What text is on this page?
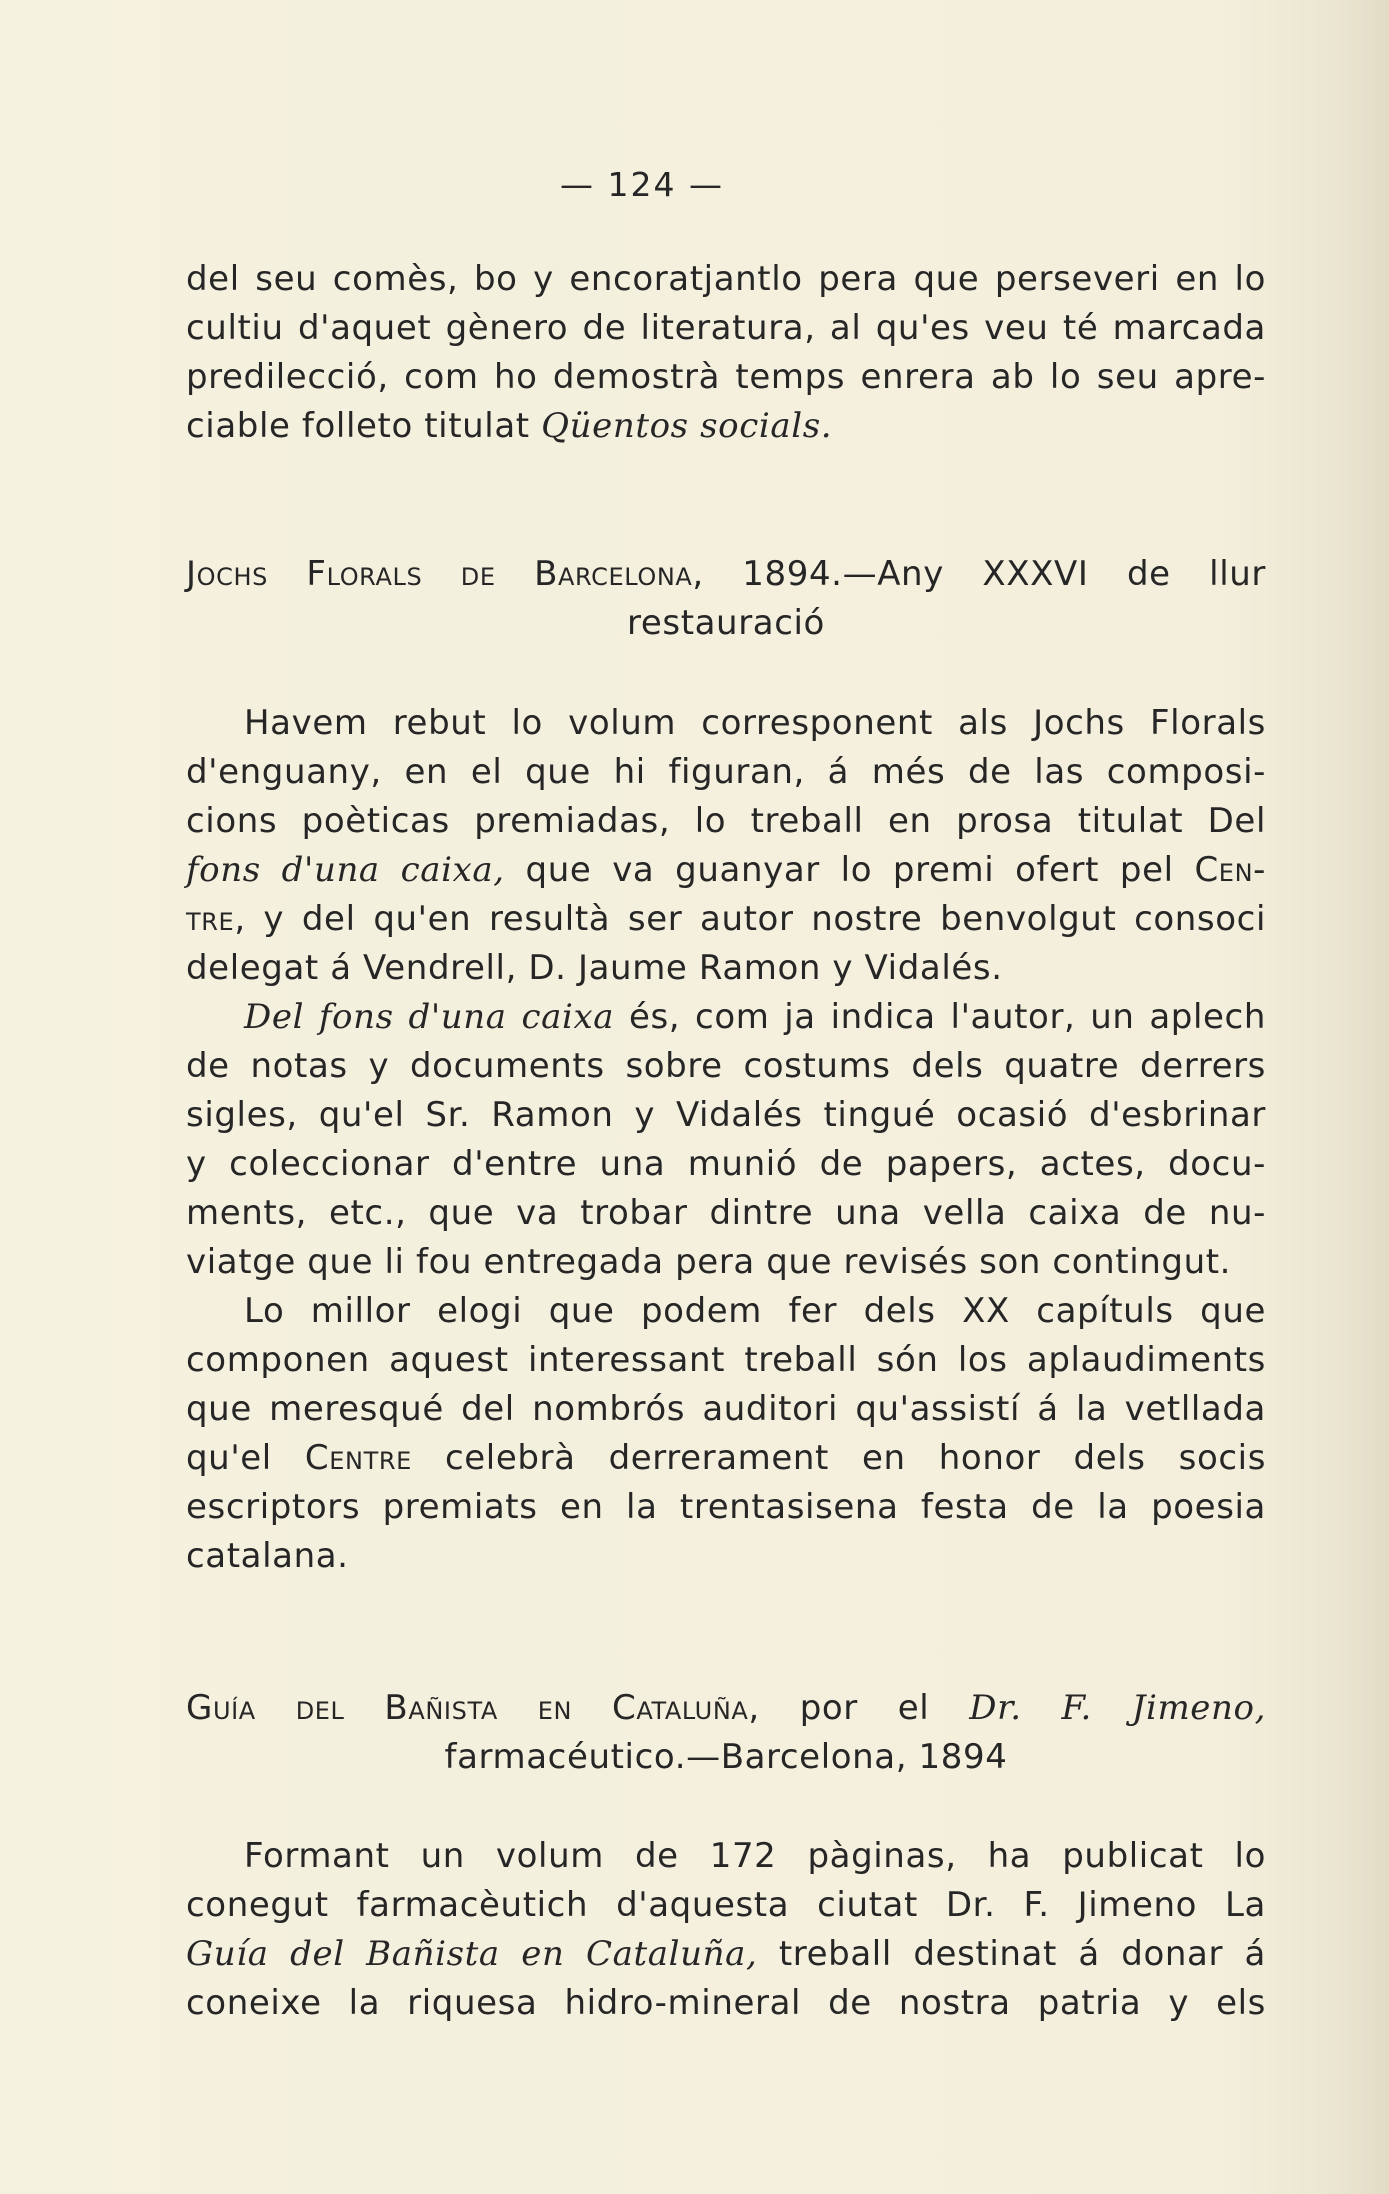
— 124 —
del seu comès, bo y encoratjantlo pera que perseveri en lo
cultiu d'aquet gènero de literatura, al qu'es veu té marcada
predilecció, com ho demostrà temps enrera ab lo seu apre-
ciable folleto titulat Qüentos socials.
Jochs Florals de Barcelona, 1894.—Any XXXVI de llur
restauració
Havem rebut lo volum corresponent als Jochs Florals
d'enguany, en el que hi figuran, á més de las composi-
cions poèticas premiadas, lo treball en prosa titulat Del
fons d'una caixa, que va guanyar lo premi ofert pel Cen-
tre, y del qu'en resultà ser autor nostre benvolgut consoci
delegat á Vendrell, D. Jaume Ramon y Vidalés.
Del fons d'una caixa és, com ja indica l'autor, un aplech
de notas y documents sobre costums dels quatre derrers
sigles, qu'el Sr. Ramon y Vidalés tingué ocasió d'esbrinar
y coleccionar d'entre una munió de papers, actes, docu-
ments, etc., que va trobar dintre una vella caixa de nu-
viatge que li fou entregada pera que revisés son contingut.
Lo millor elogi que podem fer dels XX capítuls que
componen aquest interessant treball són los aplaudiments
que meresqué del nombrós auditori qu'assistí á la vetllada
qu'el Centre celebrà derrerament en honor dels socis
escriptors premiats en la trentasisena festa de la poesia
catalana.
Guía del Bañista en Cataluña, por el Dr. F. Jimeno,
farmacéutico.—Barcelona, 1894
Formant un volum de 172 pàginas, ha publicat lo
conegut farmacèutich d'aquesta ciutat Dr. F. Jimeno La
Guía del Bañista en Cataluña, treball destinat á donar á
coneixe la riquesa hidro-mineral de nostra patria y els
